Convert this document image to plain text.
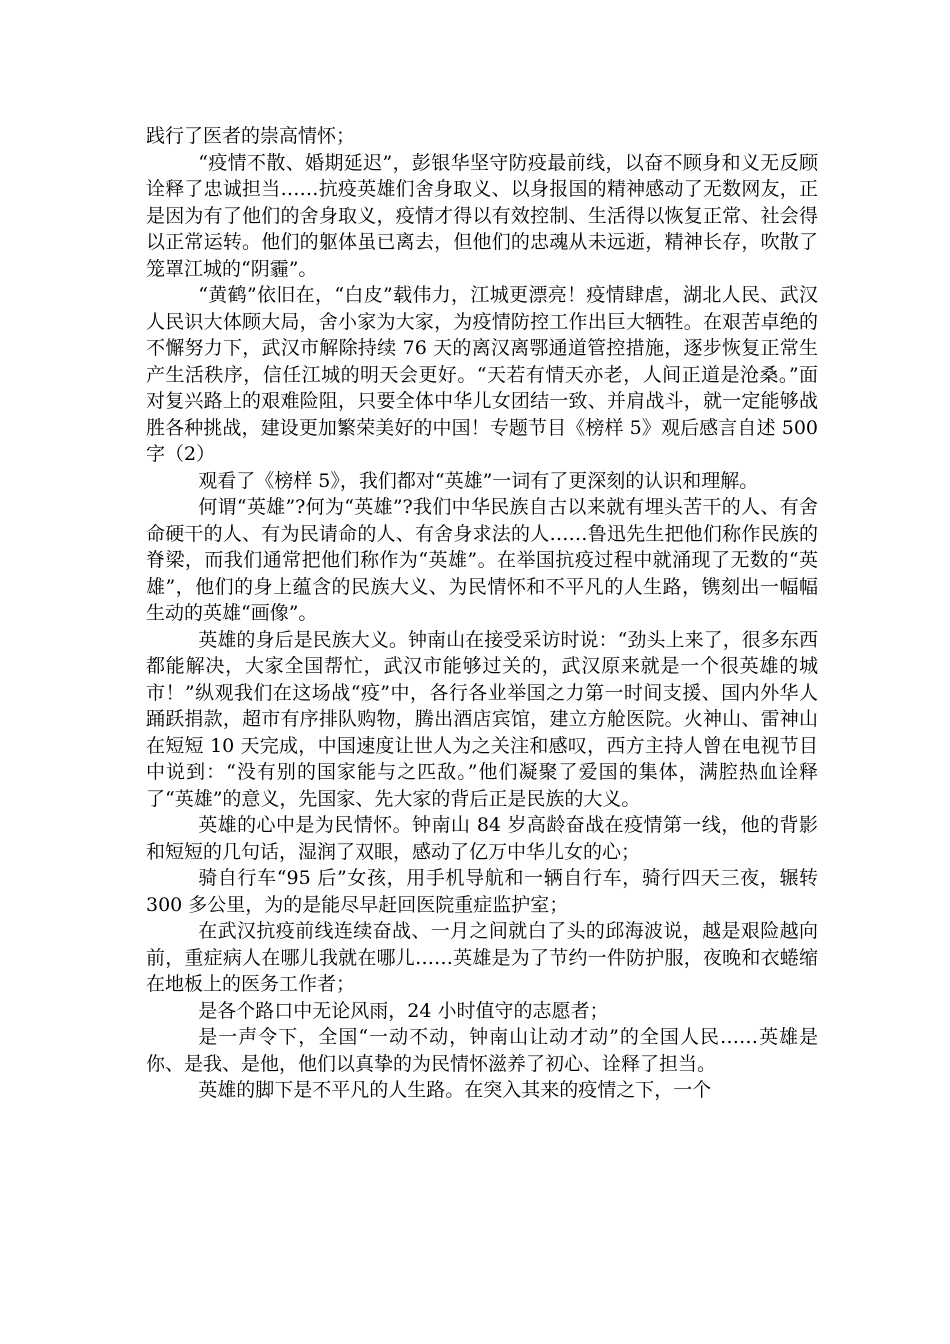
践行了医者的崇高情怀；

“疫情不散、婚期延迟”，彭银华坚守防疫最前线，以奋不顾身和义无反顾诠释了忠诚担当……抗疫英雄们舍身取义、以身报国的精神感动了无数网友，正是因为有了他们的舍身取义，疫情才得以有效控制、生活得以恢复正常、社会得以正常运转。他们的躯体虽已离去，但他们的忠魂从未远逝，精神长存，吹散了笼罩江城的“阴霾”。

“黄鹤”依旧在，“白皮”载伟力，江城更漂亮！疫情肆虐，湖北人民、武汉人民识大体顾大局，舍小家为大家，为疫情防控工作出巨大牺牲。在艰苦卓绝的不懈努力下，武汉市解除持续 76 天的离汉离鄂通道管控措施，逐步恢复正常生产生活秩序，信任江城的明天会更好。“天若有情天亦老，人间正道是沧桑。”面对复兴路上的艰难险阻，只要全体中华儿女团结一致、并肩战斗，就一定能够战胜各种挑战，建设更加繁荣美好的中国！专题节目《榜样 5》观后感言自述 500 字（2）

观看了《榜样 5》，我们都对“英雄”一词有了更深刻的认识和理解。

何谓“英雄”?何为“英雄”?我们中华民族自古以来就有埋头苦干的人、有舍命硬干的人、有为民请命的人、有舍身求法的人……鲁迅先生把他们称作民族的脊梁，而我们通常把他们称作为“英雄”。在举国抗疫过程中就涌现了无数的“英雄”，他们的身上蕴含的民族大义、为民情怀和不平凡的人生路，镌刻出一幅幅生动的英雄“画像”。

英雄的身后是民族大义。钟南山在接受采访时说：“劲头上来了，很多东西都能解决，大家全国帮忙，武汉市能够过关的，武汉原来就是一个很英雄的城市！”纵观我们在这场战“疫”中，各行各业举国之力第一时间支援、国内外华人踊跃捐款，超市有序排队购物，腾出酒店宾馆，建立方舱医院。火神山、雷神山在短短 10 天完成，中国速度让世人为之关注和感叹，西方主持人曾在电视节目中说到：“没有别的国家能与之匹敌。”他们凝聚了爱国的集体，满腔热血诠释了“英雄”的意义，先国家、先大家的背后正是民族的大义。

英雄的心中是为民情怀。钟南山 84 岁高龄奋战在疫情第一线，他的背影和短短的几句话，湿润了双眼，感动了亿万中华儿女的心；

骑自行车“95 后”女孩，用手机导航和一辆自行车，骑行四天三夜，辗转 300 多公里，为的是能尽早赶回医院重症监护室；

在武汉抗疫前线连续奋战、一月之间就白了头的邱海波说，越是艰险越向前，重症病人在哪儿我就在哪儿……英雄是为了节约一件防护服，夜晚和衣蜷缩在地板上的医务工作者；

是各个路口中无论风雨，24 小时值守的志愿者；

是一声令下，全国“一动不动，钟南山让动才动”的全国人民……英雄是你、是我、是他，他们以真挚的为民情怀滋养了初心、诠释了担当。

英雄的脚下是不平凡的人生路。在突入其来的疫情之下，一个
